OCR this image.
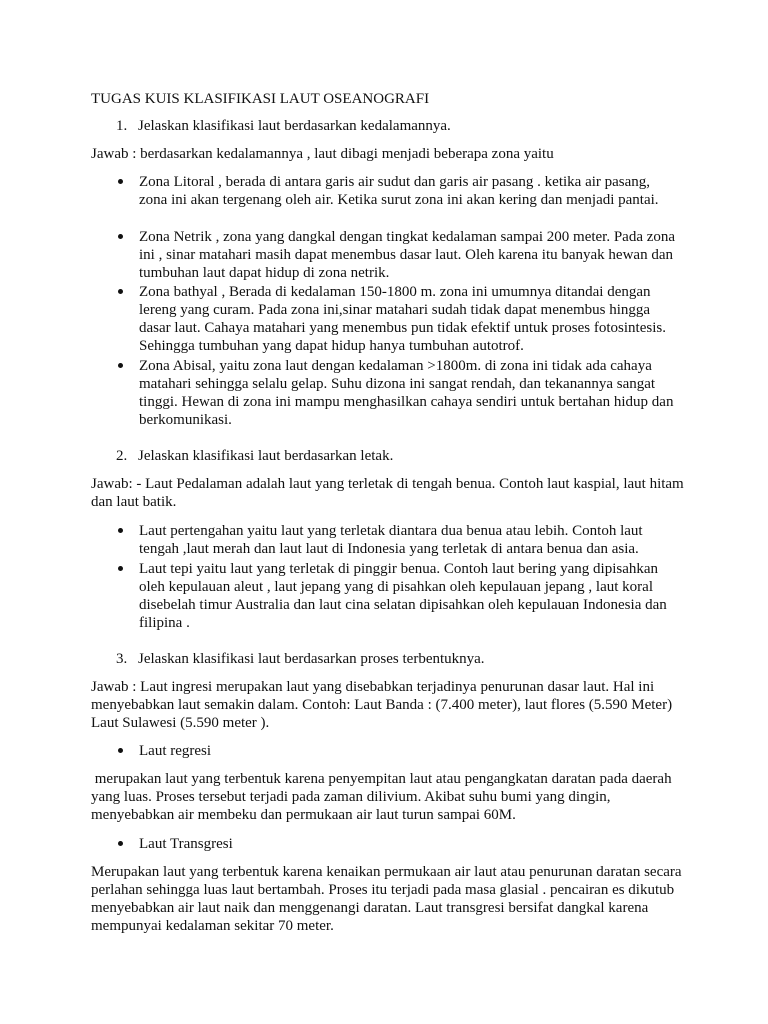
TUGAS KUIS KLASIFIKASI LAUT OSEANOGRAFI

1. Jelaskan klasifikasi laut berdasarkan kedalamannya.

Jawab : berdasarkan kedalamannya , laut dibagi menjadi beberapa zona yaitu

Zona Litoral , berada di antara garis air sudut dan garis air pasang . ketika air pasang, zona ini akan tergenang oleh air. Ketika surut zona ini akan kering dan menjadi pantai.
Zona Netrik , zona yang dangkal dengan tingkat kedalaman sampai 200 meter. Pada zona ini , sinar matahari masih dapat menembus dasar laut. Oleh karena itu banyak hewan dan tumbuhan laut dapat hidup di zona netrik.
Zona bathyal , Berada di kedalaman 150-1800 m. zona ini umumnya ditandai dengan lereng yang curam. Pada zona ini,sinar matahari sudah tidak dapat menembus hingga dasar laut. Cahaya matahari yang menembus pun tidak efektif untuk proses fotosintesis. Sehingga tumbuhan yang dapat hidup hanya tumbuhan autotrof.
Zona Abisal, yaitu zona laut dengan kedalaman >1800m. di zona ini tidak ada cahaya matahari sehingga selalu gelap. Suhu dizona ini sangat rendah, dan tekanannya sangat tinggi. Hewan di zona ini mampu menghasilkan cahaya sendiri untuk bertahan hidup dan berkomunikasi.
2. Jelaskan klasifikasi laut berdasarkan letak.

Jawab: - Laut Pedalaman adalah laut yang terletak di tengah benua. Contoh laut kaspial, laut hitam dan laut batik.

Laut pertengahan yaitu laut yang terletak diantara dua benua atau lebih. Contoh laut tengah ,laut merah dan laut laut di Indonesia yang terletak di antara benua dan asia.
Laut tepi yaitu laut yang terletak di pinggir benua. Contoh laut bering yang dipisahkan oleh kepulauan aleut , laut jepang yang di pisahkan oleh kepulauan jepang , laut koral disebelah timur Australia dan laut cina selatan dipisahkan oleh kepulauan Indonesia dan filipina .
3. Jelaskan klasifikasi laut berdasarkan proses terbentuknya.

Jawab : Laut ingresi merupakan laut yang disebabkan terjadinya penurunan dasar laut. Hal ini menyebabkan laut semakin dalam. Contoh: Laut Banda : (7.400 meter), laut flores (5.590 Meter) Laut Sulawesi (5.590 meter ).

Laut regresi

merupakan laut yang terbentuk karena penyempitan laut atau pengangkatan daratan pada daerah yang luas. Proses tersebut terjadi pada zaman dilivium. Akibat suhu bumi yang dingin, menyebabkan air membeku dan permukaan air laut turun sampai 60M.

Laut Transgresi

Merupakan laut yang terbentuk karena kenaikan permukaan air laut atau penurunan daratan secara perlahan sehingga luas laut bertambah. Proses itu terjadi pada masa glasial . pencairan es dikutub menyebabkan air laut naik dan menggenangi daratan. Laut transgresi bersifat dangkal karena mempunyai kedalaman sekitar 70 meter.
